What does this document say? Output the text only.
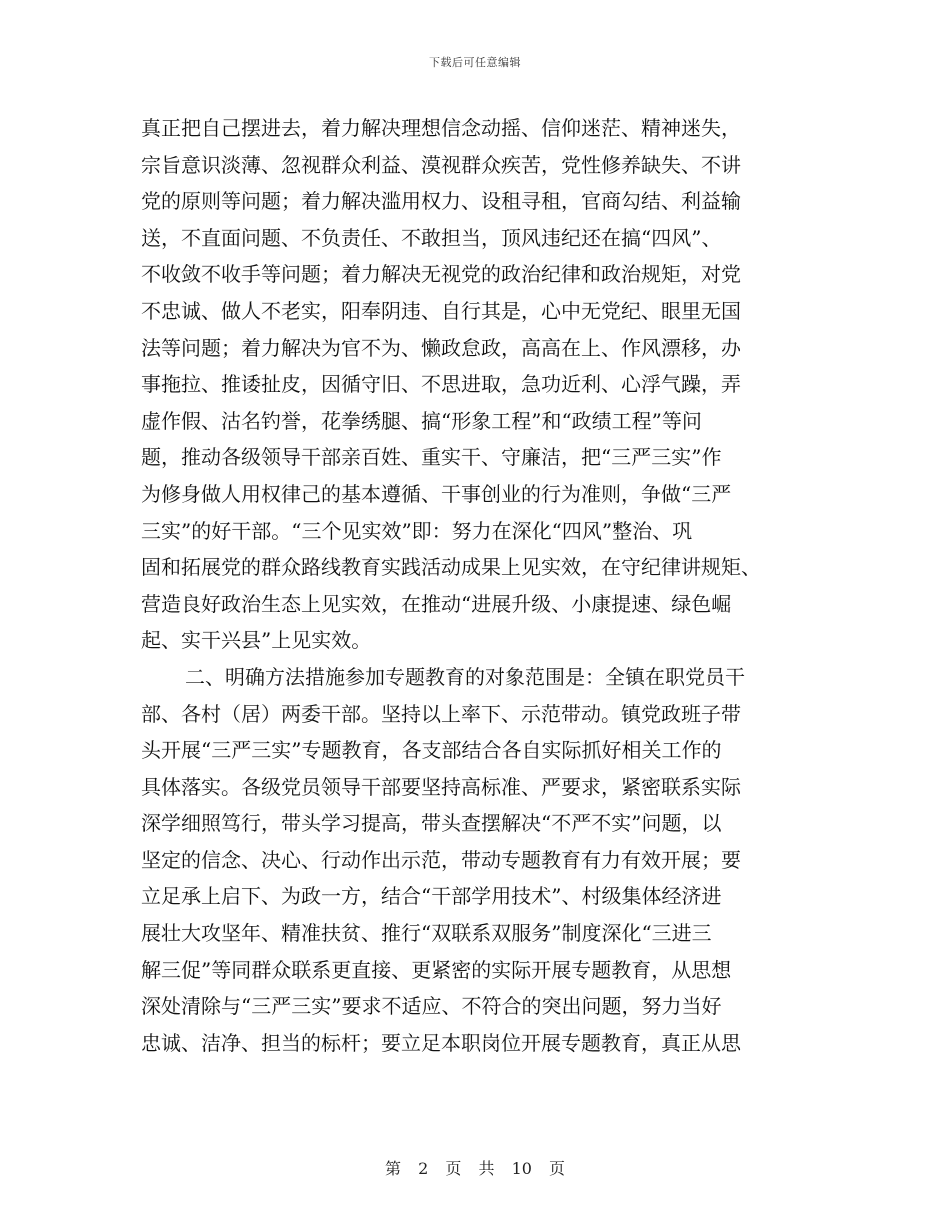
下载后可任意编辑
真正把自己摆进去，着力解决理想信念动摇、信仰迷茫、精神迷失，
宗旨意识淡薄、忽视群众利益、漠视群众疾苦，党性修养缺失、不讲
党的原则等问题；着力解决滥用权力、设租寻租，官商勾结、利益输
送，不直面问题、不负责任、不敢担当，顶风违纪还在搞“四风”、
不收敛不收手等问题；着力解决无视党的政治纪律和政治规矩，对党
不忠诚、做人不老实，阳奉阴违、自行其是，心中无党纪、眼里无国
法等问题；着力解决为官不为、懒政怠政，高高在上、作风漂移，办
事拖拉、推诿扯皮，因循守旧、不思进取，急功近利、心浮气躁，弄
虚作假、沽名钓誉，花拳绣腿、搞“形象工程”和“政绩工程”等问
题，推动各级领导干部亲百姓、重实干、守廉洁，把“三严三实”作
为修身做人用权律己的基本遵循、干事创业的行为准则，争做“三严
三实”的好干部。“三个见实效”即：努力在深化“四风”整治、巩
固和拓展党的群众路线教育实践活动成果上见实效，在守纪律讲规矩、
营造良好政治生态上见实效，在推动“进展升级、小康提速、绿色崛
起、实干兴县”上见实效。
二、明确方法措施参加专题教育的对象范围是：全镇在职党员干
部、各村（居）两委干部。坚持以上率下、示范带动。镇党政班子带
头开展“三严三实”专题教育，各支部结合各自实际抓好相关工作的
具体落实。各级党员领导干部要坚持高标准、严要求，紧密联系实际
深学细照笃行，带头学习提高，带头查摆解决“不严不实”问题，以
坚定的信念、决心、行动作出示范，带动专题教育有力有效开展；要
立足承上启下、为政一方，结合“干部学用技术”、村级集体经济进
展壮大攻坚年、精准扶贫、推行“双联系双服务”制度深化“三进三
解三促”等同群众联系更直接、更紧密的实际开展专题教育，从思想
深处清除与“三严三实”要求不适应、不符合的突出问题，努力当好
忠诚、洁净、担当的标杆；要立足本职岗位开展专题教育，真正从思
第 2 页 共 10 页
